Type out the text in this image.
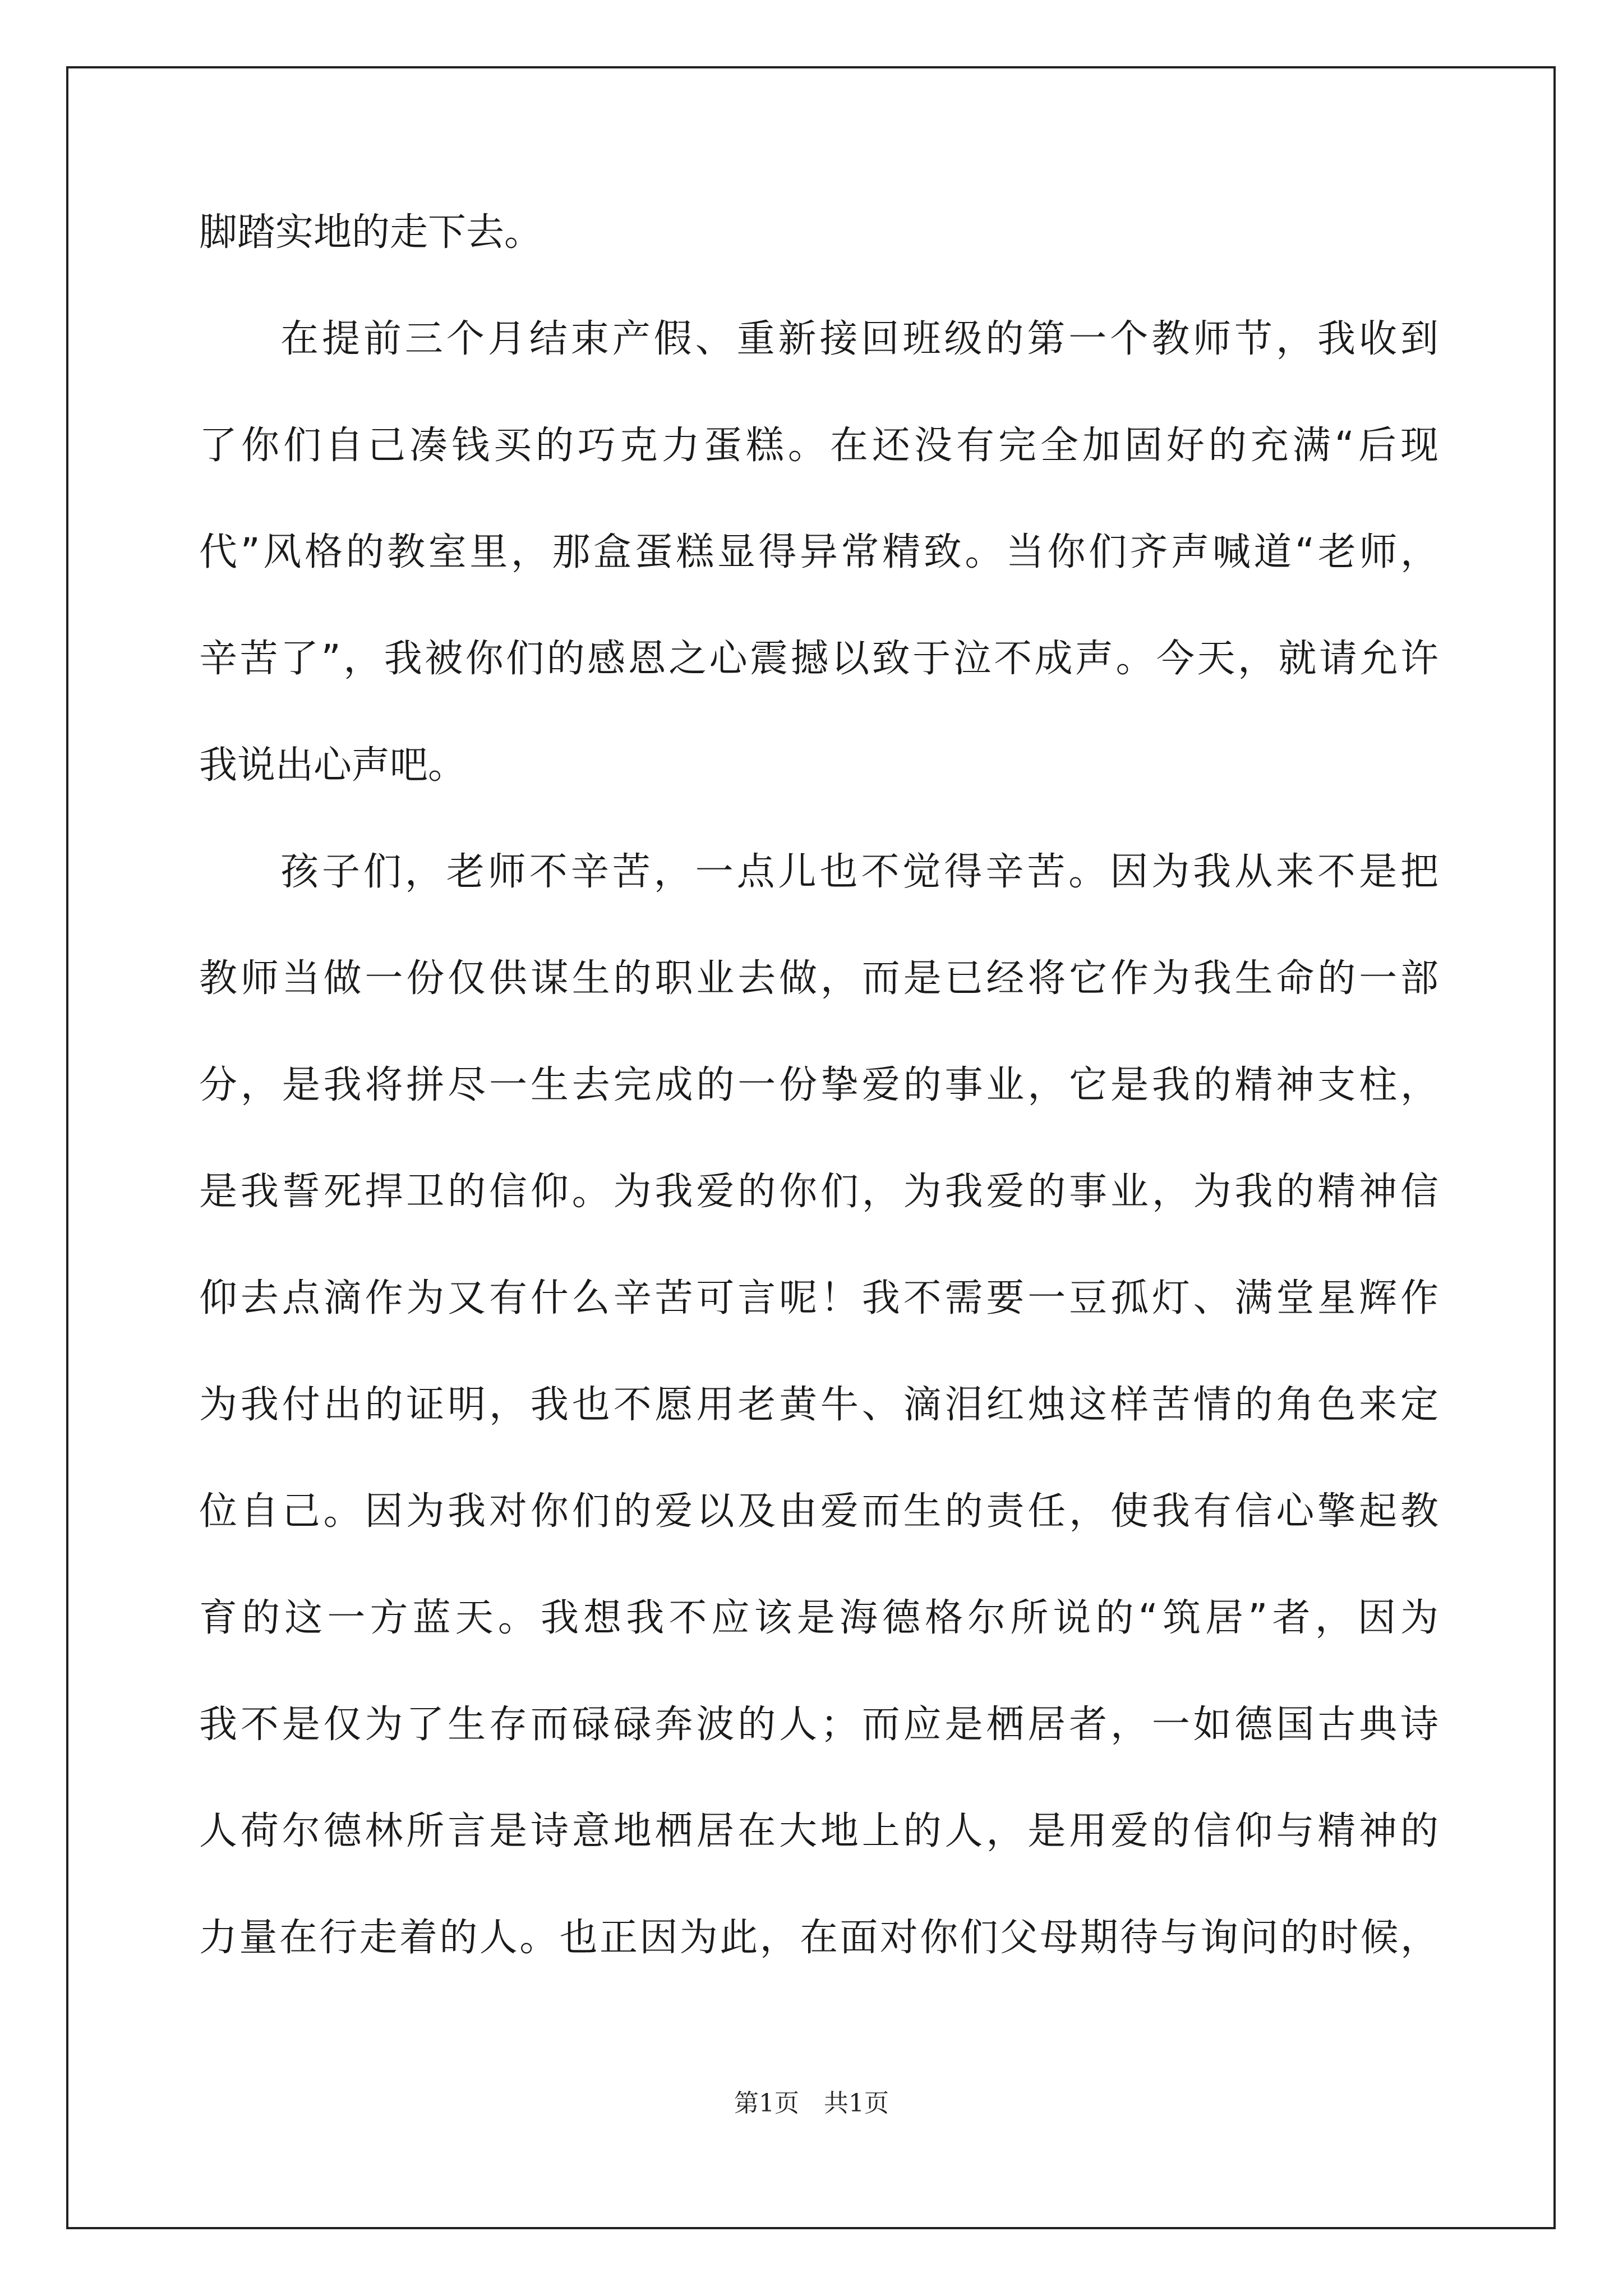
脚踏实地的走下去。
在提前三个月结束产假、重新接回班级的第一个教师节，我收到
了你们自己凑钱买的巧克力蛋糕。在还没有完全加固好的充满“后现
代”风格的教室里，那盒蛋糕显得异常精致。当你们齐声喊道“老师，
辛苦了”，我被你们的感恩之心震撼以致于泣不成声。今天，就请允许
我说出心声吧。
孩子们，老师不辛苦，一点儿也不觉得辛苦。因为我从来不是把
教师当做一份仅供谋生的职业去做，而是已经将它作为我生命的一部
分，是我将拼尽一生去完成的一份挚爱的事业，它是我的精神支柱，
是我誓死捍卫的信仰。为我爱的你们，为我爱的事业，为我的精神信
仰去点滴作为又有什么辛苦可言呢！我不需要一豆孤灯、满堂星辉作
为我付出的证明，我也不愿用老黄牛、滴泪红烛这样苦情的角色来定
位自己。因为我对你们的爱以及由爱而生的责任，使我有信心擎起教
育的这一方蓝天。我想我不应该是海德格尔所说的“筑居”者，因为
我不是仅为了生存而碌碌奔波的人；而应是栖居者，一如德国古典诗
人荷尔德林所言是诗意地栖居在大地上的人，是用爱的信仰与精神的
力量在行走着的人。也正因为此，在面对你们父母期待与询问的时候，
第1页 共1页
